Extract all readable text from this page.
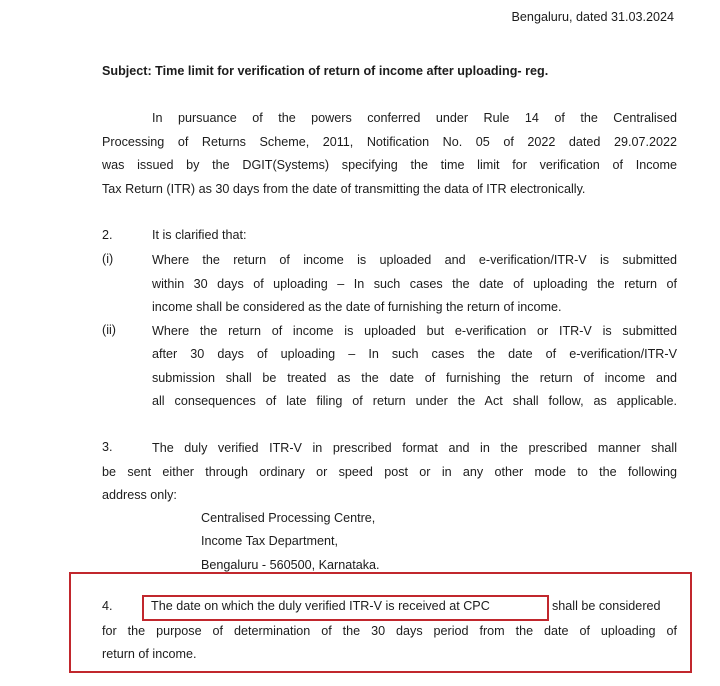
Bengaluru, dated 31.03.2024
Subject: Time limit for verification of return of income after uploading- reg.
In pursuance of the powers conferred under Rule 14 of the Centralised
Processing of Returns Scheme, 2011, Notification No. 05 of 2022 dated 29.07.2022
was issued by the DGIT(Systems) specifying the time limit for verification of Income
Tax Return (ITR) as 30 days from the date of transmitting the data of ITR electronically.
2.	It is clarified that:
(i)	Where the return of income is uploaded and e-verification/ITR-V is submitted
within 30 days of uploading – In such cases the date of uploading the return of
income shall be considered as the date of furnishing the return of income.
(ii)	Where the return of income is uploaded but e-verification or ITR-V is submitted
after 30 days of uploading – In such cases the date of e-verification/ITR-V
submission shall be treated as the date of furnishing the return of income and
all consequences of late filing of return under the Act shall follow, as applicable.
3.	The duly verified ITR-V in prescribed format and in the prescribed manner shall
be sent either through ordinary or speed post or in any other mode to the following
address only:
Centralised Processing Centre,
Income Tax Department,
Bengaluru - 560500, Karnataka.
4.	The date on which the duly verified ITR-V is received at CPC	shall be considered
for the purpose of determination of the 30 days period from the date of uploading of
return of income.
